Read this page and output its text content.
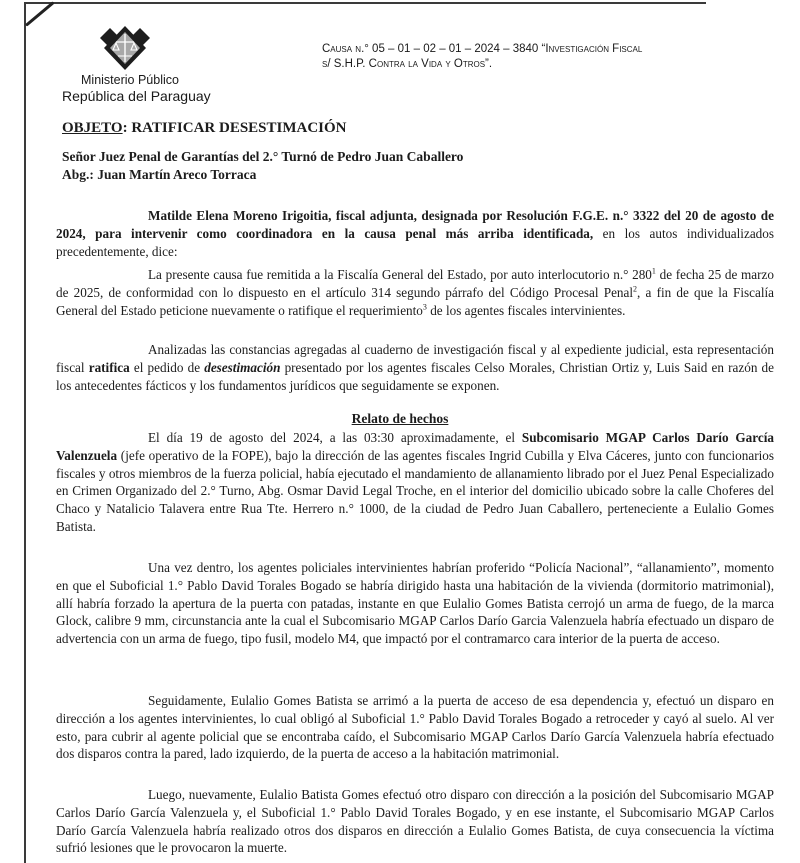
Ministerio Público
República del Paraguay
Causa n.° 05 – 01 – 02 – 01 – 2024 – 3840 “Investigación Fiscal
s/ S.H.P. Contra la Vida y Otros”.
OBJETO: RATIFICAR DESESTIMACIÓN
Señor Juez Penal de Garantías del 2.° Turnó de Pedro Juan Caballero
Abg.: Juan Martín Areco Torraca
Matilde Elena Moreno Irigoitia, fiscal adjunta, designada por Resolución F.G.E. n.° 3322 del 20 de agosto de 2024, para intervenir como coordinadora en la causa penal más arriba identificada, en los autos individualizados precedentemente, dice:
La presente causa fue remitida a la Fiscalía General del Estado, por auto interlocutorio n.° $280^1$ de fecha 25 de marzo de 2025, de conformidad con lo dispuesto en el artículo 314 segundo párrafo del Código Procesal Penal$^2$, a fin de que la Fiscalía General del Estado peticione nuevamente o ratifique el requerimiento$^3$ de los agentes fiscales intervinientes.
Analizadas las constancias agregadas al cuaderno de investigación fiscal y al expediente judicial, esta representación fiscal ratifica el pedido de desestimación presentado por los agentes fiscales Celso Morales, Christian Ortiz y, Luis Said en razón de los antecedentes fácticos y los fundamentos jurídicos que seguidamente se exponen.
Relato de hechos
El día 19 de agosto del 2024, a las 03:30 aproximadamente, el Subcomisario MGAP Carlos Darío García Valenzuela (jefe operativo de la FOPE), bajo la dirección de las agentes fiscales Ingrid Cubilla y Elva Cáceres, junto con funcionarios fiscales y otros miembros de la fuerza policial, había ejecutado el mandamiento de allanamiento librado por el Juez Penal Especializado en Crimen Organizado del 2.° Turno, Abg. Osmar David Legal Troche, en el interior del domicilio ubicado sobre la calle Choferes del Chaco y Natalicio Talavera entre Rua Tte. Herrero n.° 1000, de la ciudad de Pedro Juan Caballero, perteneciente a Eulalio Gomes Batista.
Una vez dentro, los agentes policiales intervinientes habrían proferido “Policía Nacional”, “allanamiento”, momento en que el Suboficial 1.° Pablo David Torales Bogado se habría dirigido hasta una habitación de la vivienda (dormitorio matrimonial), allí habría forzado la apertura de la puerta con patadas, instante en que Eulalio Gomes Batista cerrojó un arma de fuego, de la marca Glock, calibre 9 mm, circunstancia ante la cual el Subcomisario MGAP Carlos Darío Garcia Valenzuela habría efectuado un disparo de advertencia con un arma de fuego, tipo fusil, modelo M4, que impactó por el contramarco cara interior de la puerta de acceso.
Seguidamente, Eulalio Gomes Batista se arrimó a la puerta de acceso de esa dependencia y, efectuó un disparo en dirección a los agentes intervinientes, lo cual obligó al Suboficial 1.° Pablo David Torales Bogado a retroceder y cayó al suelo. Al ver esto, para cubrir al agente policial que se encontraba caído, el Subcomisario MGAP Carlos Darío García Valenzuela habría efectuado dos disparos contra la pared, lado izquierdo, de la puerta de acceso a la habitación matrimonial.
Luego, nuevamente, Eulalio Batista Gomes efectuó otro disparo con dirección a la posición del Subcomisario MGAP Carlos Darío García Valenzuela y, el Suboficial 1.° Pablo David Torales Bogado, y en ese instante, el Subcomisario MGAP Carlos Darío García Valenzuela habría realizado otros dos disparos en dirección a Eulalio Gomes Batista, de cuya consecuencia la víctima sufrió lesiones que le provocaron la muerte.
